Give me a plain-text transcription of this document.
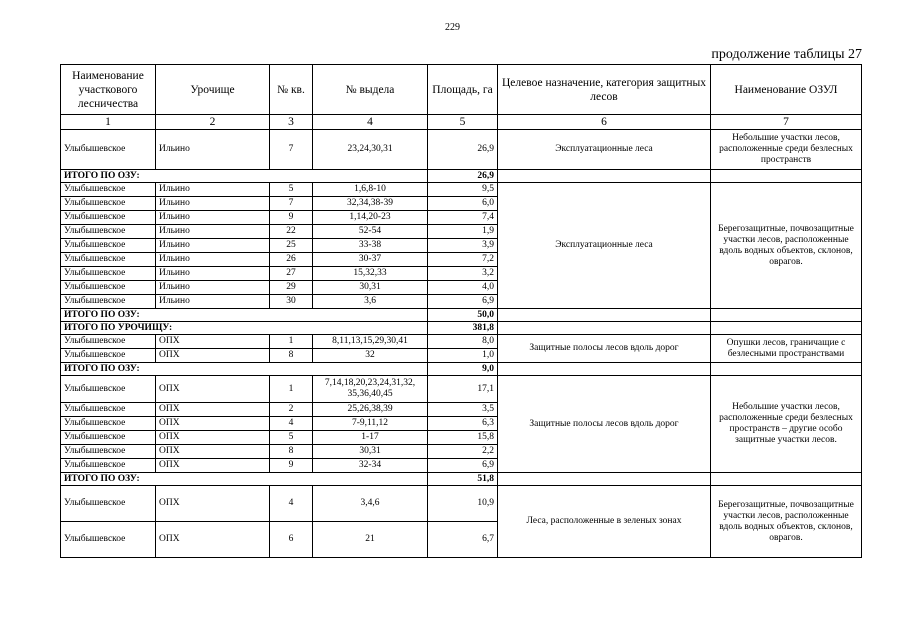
229
продолжение таблицы 27
Наименование участкового лесничества	Урочище	№ кв.	№ выдела	Площадь, га	Целевое назначение, категория защитных лесов	Наименование ОЗУЛ
1	2	3	4	5	6	7
Улыбышевское	Ильино	7	23,24,30,31	26,9	Эксплуатационные леса	Небольшие участки лесов, расположенные среди безлесных пространств
ИТОГО ПО ОЗУ:				26,9		
Улыбышевское	Ильино	5	1,6,8-10	9,5	Эксплуатационные леса	Берегозащитные, почвозащитные участки лесов, расположенные вдоль водных объектов, склонов, оврагов.
Улыбышевское	Ильино	7	32,34,38-39	6,0		
Улыбышевское	Ильино	9	1,14,20-23	7,4		
Улыбышевское	Ильино	22	52-54	1,9		
Улыбышевское	Ильино	25	33-38	3,9		
Улыбышевское	Ильино	26	30-37	7,2		
Улыбышевское	Ильино	27	15,32,33	3,2		
Улыбышевское	Ильино	29	30,31	4,0		
Улыбышевское	Ильино	30	3,6	6,9		
ИТОГО ПО ОЗУ:				50,0		
ИТОГО ПО УРОЧИЩУ:				381,8		
Улыбышевское	ОПХ	1	8,11,13,15,29,30,41	8,0	Защитные полосы лесов вдоль дорог	Опушки лесов, граничащие с безлесными пространствами
Улыбышевское	ОПХ	8	32	1,0		
ИТОГО ПО ОЗУ:				9,0		
Улыбышевское	ОПХ	1	7,14,18,20,23,24,31,32, 35,36,40,45	17,1	Защитные полосы лесов вдоль дорог	Небольшие участки лесов, расположенные среди безлесных пространств – другие особо защитные участки лесов.
Улыбышевское	ОПХ	2	25,26,38,39	3,5		
Улыбышевское	ОПХ	4	7-9,11,12	6,3		
Улыбышевское	ОПХ	5	1-17	15,8		
Улыбышевское	ОПХ	8	30,31	2,2		
Улыбышевское	ОПХ	9	32-34	6,9		
ИТОГО ПО ОЗУ:				51,8		
Улыбышевское	ОПХ	4	3,4,6	10,9	Леса, расположенные в зеленых зонах	Берегозащитные, почвозащитные участки лесов, расположенные вдоль водных объектов, склонов, оврагов.
Улыбышевское	ОПХ	6	21	6,7		
